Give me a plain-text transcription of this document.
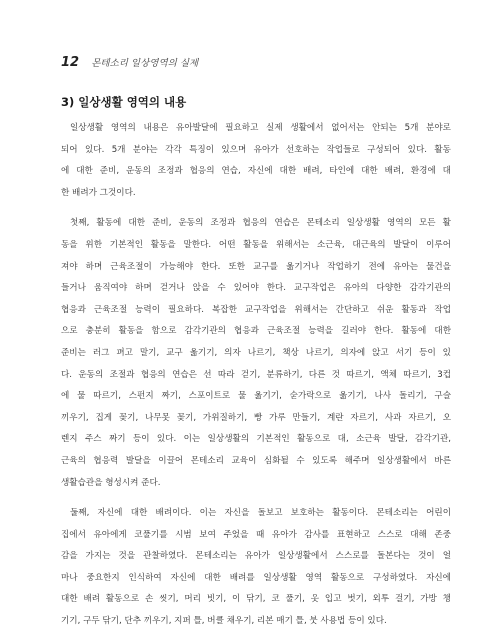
12 몬테소리 일상영역의 실제
3) 일상생활 영역의 내용
일상생활 영역의 내용은 유아발달에 필요하고 실제 생활에서 없어서는 안되는 5개 분야로
되어 있다. 5개 분야는 각각 특징이 있으며 유아가 선호하는 작업들로 구성되어 있다. 활동
에 대한 준비, 운동의 조정과 협응의 연습, 자신에 대한 배려, 타인에 대한 배려, 환경에 대
한 배려가 그것이다.
첫째, 활동에 대한 준비, 운동의 조정과 협응의 연습은 몬테소리 일상생활 영역의 모든 활
동을 위한 기본적인 활동을 말한다. 어떤 활동을 위해서는 소근육, 대근육의 발달이 이루어
져야 하며 근육조절이 가능해야 한다. 또한 교구를 옮기거나 작업하기 전에 유아는 물건을
들거나 움직여야 하며 걷거나 앉을 수 있어야 한다. 교구작업은 유아의 다양한 감각기관의
협응과 근육조절 능력이 필요하다. 복잡한 교구작업을 위해서는 간단하고 쉬운 활동과 작업
으로 충분히 활동을 함으로 감각기관의 협응과 근육조절 능력을 길러야 한다. 활동에 대한
준비는 러그 펴고 말기, 교구 옮기기, 의자 나르기, 책상 나르기, 의자에 앉고 서기 등이 있
다. 운동의 조절과 협응의 연습은 선 따라 걷기, 분류하기, 다른 것 따르기, 액체 따르기, 3컵
에 물 따르기, 스펀지 짜기, 스포이트로 물 옮기기, 숟가락으로 옮기기, 나사 돌리기, 구슬
끼우기, 집게 꽂기, 나무못 꽂기, 가위질하기, 빵 가루 만들기, 계란 자르기, 사과 자르기, 오
렌지 주스 짜기 등이 있다. 이는 일상생활의 기본적인 활동으로 대, 소근육 발달, 감각기관,
근육의 협응력 발달을 이끌어 몬테소리 교육이 심화될 수 있도록 해주며 일상생활에서 바른
생활습관을 형성시켜 준다.
둘째, 자신에 대한 배려이다. 이는 자신을 돌보고 보호하는 활동이다. 몬테소리는 어린이
집에서 유아에게 코풀기를 시범 보여 주었을 때 유아가 감사를 표현하고 스스로 대해 존중
감을 가지는 것을 관찰하였다. 몬테소리는 유아가 일상생활에서 스스로를 돌본다는 것이 얼
마나 중요한지 인식하여 자신에 대한 배려를 일상생활 영역 활동으로 구성하였다. 자신에
대한 배려 활동으로 손 씻기, 머리 빗기, 이 닦기, 코 풀기, 옷 입고 벗기, 외투 걸기, 가방 챙
기기, 구두 닦기, 단추 끼우기, 지퍼 틀, 버클 채우기, 리본 매기 틀, 붓 사용법 등이 있다.
